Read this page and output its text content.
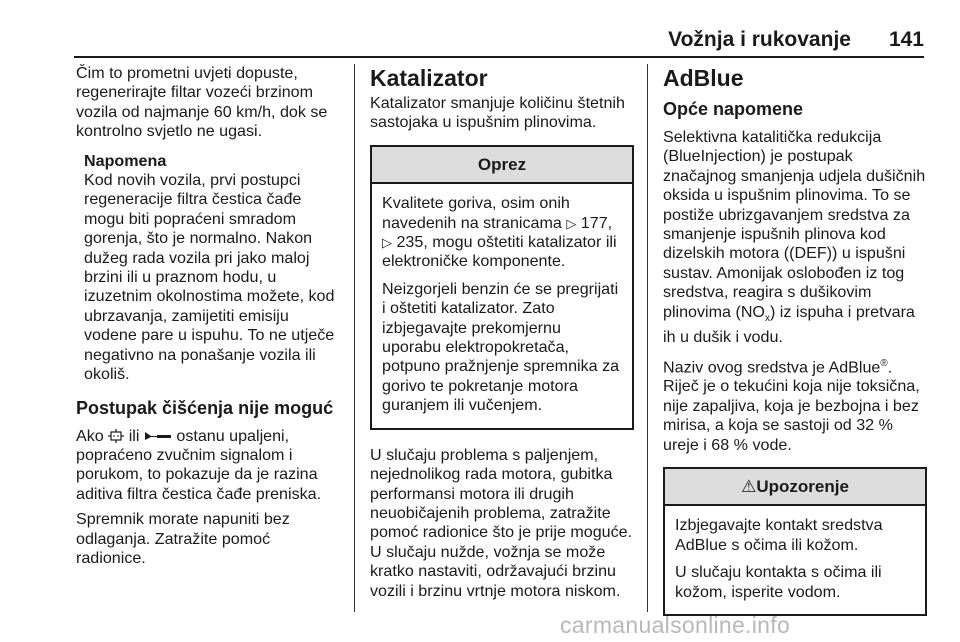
Vožnja i rukovanje 141

Čim to prometni uvjeti dopuste, regenerirajte filtar vozeći brzinom vozila od najmanje 60 km/h, dok se kontrolno svjetlo ne ugasi.

Napomena
Kod novih vozila, prvi postupci regeneracije filtra čestica čađe mogu biti popraćeni smradom gorenja, što je normalno. Nakon dužeg rada vozila pri jako maloj brzini ili u praznom hodu, u izuzetnim okolnostima možete, kod ubrzavanja, zamijetiti emisiju vodene pare u ispuhu. To ne utječe negativno na ponašanje vozila ili okoliš.
Postupak čišćenja nije moguć

Ako  ili  ostanu upaljeni, popraćeno zvučnim signalom i porukom, to pokazuje da je razina aditiva filtra čestica čađe preniska.

Spremnik morate napuniti bez odlaganja. Zatražite pomoć radionice.

Katalizator

Katalizator smanjuje količinu štetnih sastojaka u ispušnim plinovima.

Oprez

Kvalitete goriva, osim onih navedenih na stranicama ▷ 177,
▷ 235, mogu oštetiti katalizator ili elektroničke komponente.

Neizgorjeli benzin će se pregrijati i oštetiti katalizator. Zato izbjegavajte prekomjernu uporabu elektropokretača, potpuno pražnjenje spremnika za gorivo te pokretanje motora guranjem ili vučenjem.

U slučaju problema s paljenjem, nejednolikog rada motora, gubitka performansi motora ili drugih neuobičajenih problema, zatražite pomoć radionice što je prije moguće. U slučaju nužde, vožnja se može kratko nastaviti, održavajući brzinu vozili i brzinu vrtnje motora niskom.

AdBlue
Opće napomene

Selektivna katalitička redukcija (BlueInjection) je postupak značajnog smanjenja udjela dušičnih oksida u ispušnim plinovima. To se postiže ubrizgavanjem sredstva za smanjenje ispušnih plinova kod dizelskih motora ((DEF)) u ispušni sustav. Amonijak oslobođen iz tog sredstva, reagira s dušikovim plinovima $(NO_x)$ iz ispuha i pretvara ih u dušik i vodu.

Naziv ovog sredstva je AdBlue®. Riječ je o tekućini koja nije toksična, nije zapaljiva, koja je bezbojna i bez mirisa, a koja se sastoji od 32 % ureje i 68 % vode.

⚠Upozorenje

Izbjegavajte kontakt sredstva AdBlue s očima ili kožom.

U slučaju kontakta s očima ili kožom, isperite vodom.

carmanualsonline.info
